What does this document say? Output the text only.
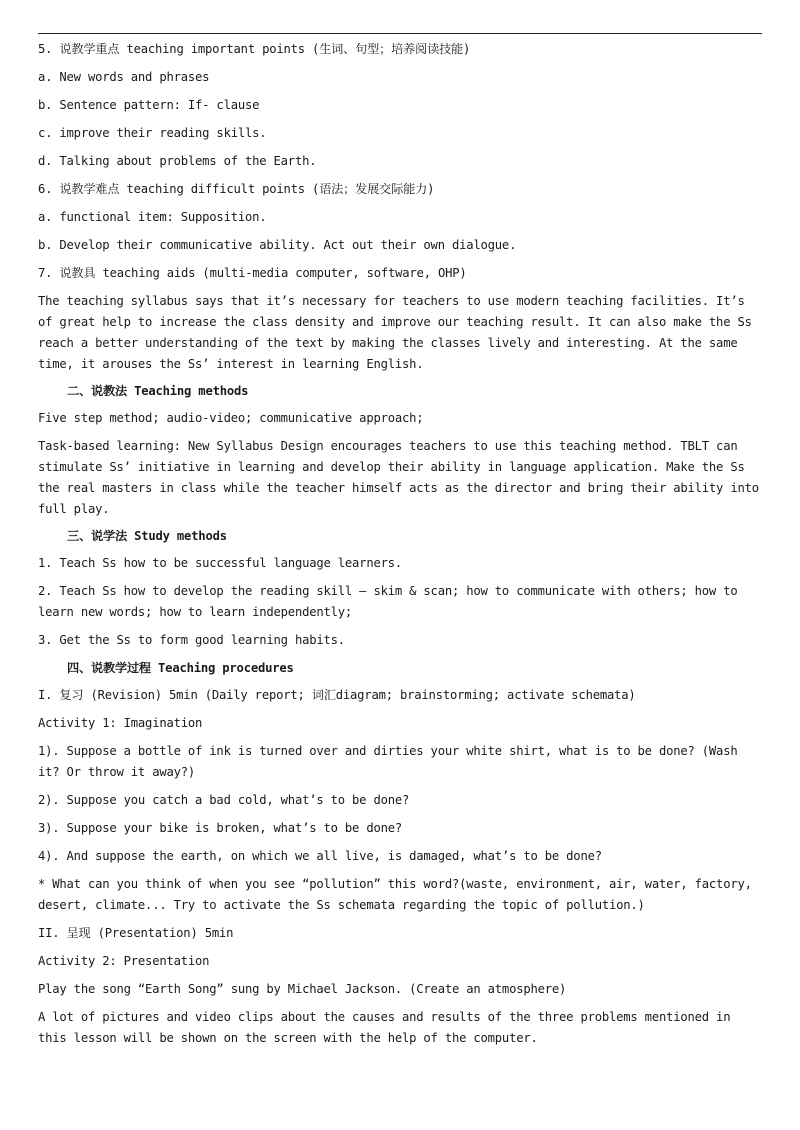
5. 说教学重点 teaching important points (生词、句型；培养阅读技能)

a. New words and phrases

b. Sentence pattern: If- clause

c. improve their reading skills.

d. Talking about problems of the Earth.

6. 说教学难点 teaching difficult points (语法；发展交际能力)

a. functional item: Supposition.

b. Develop their communicative ability. Act out their own dialogue.

7. 说教具 teaching aids (multi-media computer, software, OHP)

The teaching syllabus says that it’s necessary for teachers to use modern teaching facilities. It’s of great help to increase the class density and improve our teaching result. It can also make the Ss reach a better understanding of the text by making the classes lively and interesting. At the same time, it arouses the Ss’ interest in learning English.

二、说教法 Teaching methods

Five step method; audio-video; communicative approach;

Task-based learning: New Syllabus Design encourages teachers to use this teaching method. TBLT can stimulate Ss’ initiative in learning and develop their ability in language application. Make the Ss the real masters in class while the teacher himself acts as the director and bring their ability into full play.

三、说学法 Study methods

1. Teach Ss how to be successful language learners.

2. Teach Ss how to develop the reading skill — skim & scan; how to communicate with others; how to learn new words; how to learn independently;

3. Get the Ss to form good learning habits.

四、说教学过程 Teaching procedures

I. 复习 (Revision) 5min (Daily report; 词汇diagram; brainstorming; activate schemata)

Activity 1: Imagination

1). Suppose a bottle of ink is turned over and dirties your white shirt, what is to be done? (Wash it? Or throw it away?)

2). Suppose you catch a bad cold, what’s to be done?

3). Suppose your bike is broken, what’s to be done?

4). And suppose the earth, on which we all live, is damaged, what’s to be done?

* What can you think of when you see “pollution” this word?(waste, environment, air, water, factory, desert, climate... Try to activate the Ss schemata regarding the topic of pollution.)

II. 呈现 (Presentation) 5min

Activity 2: Presentation

Play the song “Earth Song” sung by Michael Jackson. (Create an atmosphere)

A lot of pictures and video clips about the causes and results of the three problems mentioned in this lesson will be shown on the screen with the help of the computer.
